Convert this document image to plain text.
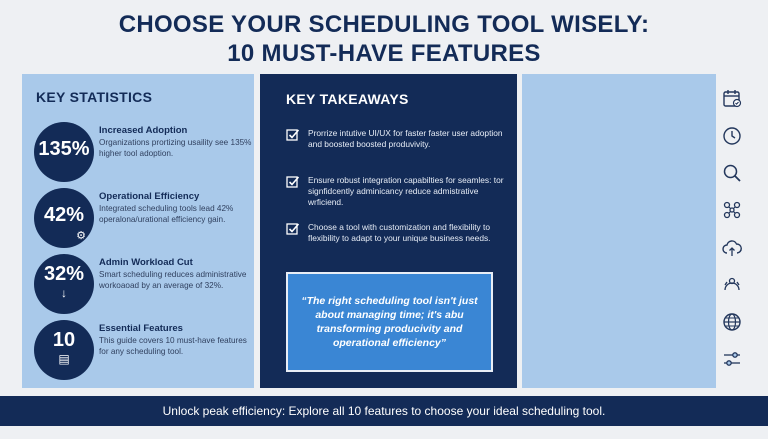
CHOOSE YOUR SCHEDULING TOOL WISELY:
10 MUST-HAVE FEATURES
KEY STATISTICS
135%
Increased Adoption
Organizations prortizing usaility see 135% higher tool adoption.
42%
⚙
Operational Efficiency
Integrated scheduling tools lead 42% operalona/urational efficiency gain.
32%
↓
Admin Workload Cut
Smart scheduling reduces administrative workoaoad by an average of 32%.
10
▤
Essential Features
This guide covers 10 must-have features for any scheduling tool.
KEY TAKEAWAYS
Prorrize intutive UI/UX for faster faster user adoption and boosted boosted produvivity.
Ensure robust integration capabilties for seamles: tor signfidcently adminicancy reduce admistrative wrficiend.
Choose a tool with customization and flexibility to flexibility to adapt to your unique business needs.
“The right scheduling tool isn't just about managing time; it's abu transforming producivity and operational efficiency”
Unlock peak efficiency: Explore all 10 features to choose your ideal scheduling tool.
